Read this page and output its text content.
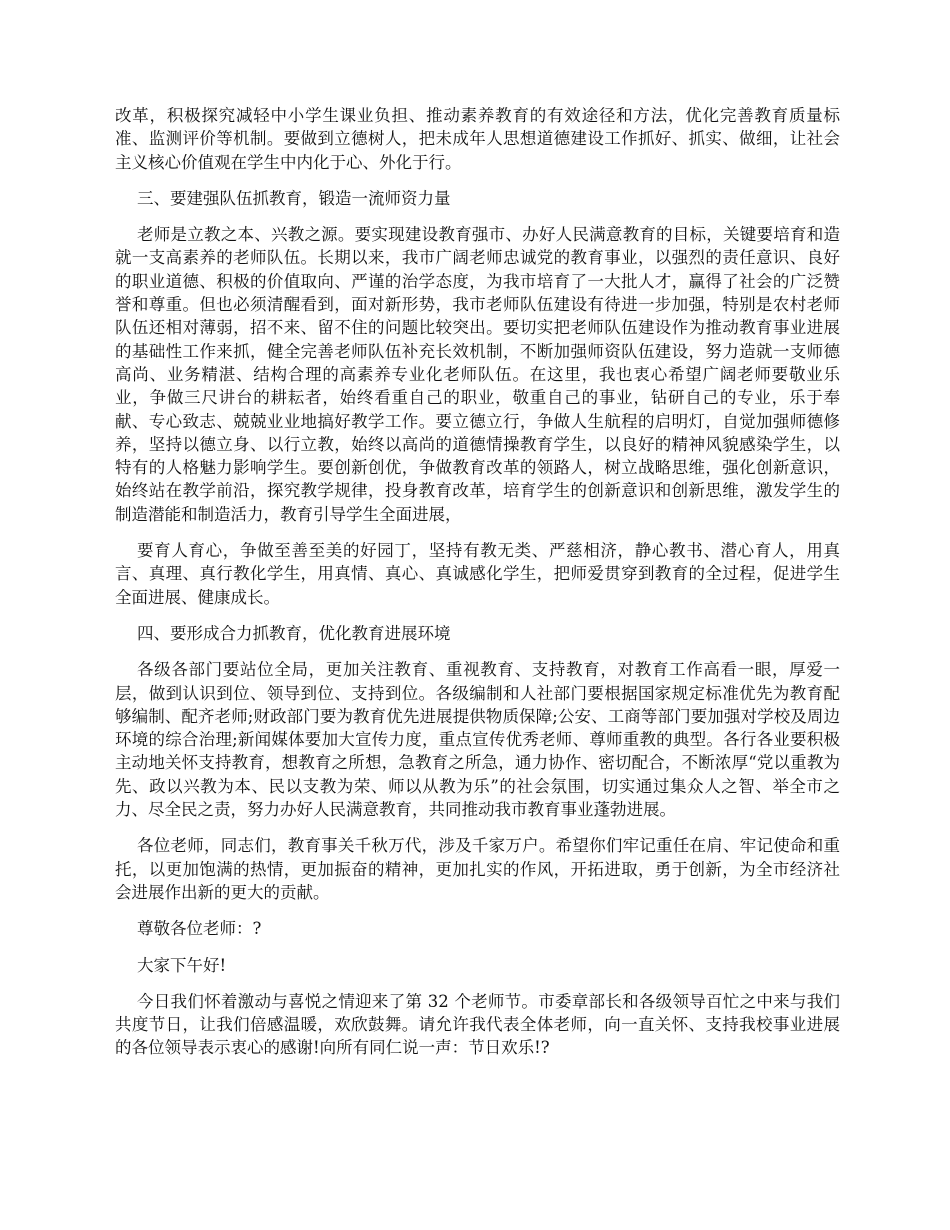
改革，积极探究减轻中小学生课业负担、推动素养教育的有效途径和方法，优化完善教育质量标准、监测评价等机制。要做到立德树人，把未成年人思想道德建设工作抓好、抓实、做细，让社会主义核心价值观在学生中内化于心、外化于行。

三、要建强队伍抓教育，锻造一流师资力量

老师是立教之本、兴教之源。要实现建设教育强市、办好人民满意教育的目标，关键要培育和造就一支高素养的老师队伍。长期以来，我市广阔老师忠诚党的教育事业，以强烈的责任意识、良好的职业道德、积极的价值取向、严谨的治学态度，为我市培育了一大批人才，赢得了社会的广泛赞誉和尊重。但也必须清醒看到，面对新形势，我市老师队伍建设有待进一步加强，特别是农村老师队伍还相对薄弱，招不来、留不住的问题比较突出。要切实把老师队伍建设作为推动教育事业进展的基础性工作来抓，健全完善老师队伍补充长效机制，不断加强师资队伍建设，努力造就一支师德高尚、业务精湛、结构合理的高素养专业化老师队伍。在这里，我也衷心希望广阔老师要敬业乐业，争做三尺讲台的耕耘者，始终看重自己的职业，敬重自己的事业，钻研自己的专业，乐于奉献、专心致志、兢兢业业地搞好教学工作。要立德立行，争做人生航程的启明灯，自觉加强师德修养，坚持以德立身、以行立教，始终以高尚的道德情操教育学生，以良好的精神风貌感染学生，以特有的人格魅力影响学生。要创新创优，争做教育改革的领路人，树立战略思维，强化创新意识，始终站在教学前沿，探究教学规律，投身教育改革，培育学生的创新意识和创新思维，激发学生的制造潜能和制造活力，教育引导学生全面进展，

要育人育心，争做至善至美的好园丁，坚持有教无类、严慈相济，静心教书、潜心育人，用真言、真理、真行教化学生，用真情、真心、真诚感化学生，把师爱贯穿到教育的全过程，促进学生全面进展、健康成长。

四、要形成合力抓教育，优化教育进展环境

各级各部门要站位全局，更加关注教育、重视教育、支持教育，对教育工作高看一眼，厚爱一层，做到认识到位、领导到位、支持到位。各级编制和人社部门要根据国家规定标准优先为教育配够编制、配齐老师;财政部门要为教育优先进展提供物质保障;公安、工商等部门要加强对学校及周边环境的综合治理;新闻媒体要加大宣传力度，重点宣传优秀老师、尊师重教的典型。各行各业要积极主动地关怀支持教育，想教育之所想，急教育之所急，通力协作、密切配合，不断浓厚“党以重教为先、政以兴教为本、民以支教为荣、师以从教为乐”的社会氛围，切实通过集众人之智、举全市之力、尽全民之责，努力办好人民满意教育，共同推动我市教育事业蓬勃进展。

各位老师，同志们，教育事关千秋万代，涉及千家万户。希望你们牢记重任在肩、牢记使命和重托，以更加饱满的热情，更加振奋的精神，更加扎实的作风，开拓进取，勇于创新，为全市经济社会进展作出新的更大的贡献。

尊敬各位老师：?

大家下午好!

今日我们怀着激动与喜悦之情迎来了第 32 个老师节。市委章部长和各级领导百忙之中来与我们共度节日，让我们倍感温暖，欢欣鼓舞。请允许我代表全体老师，向一直关怀、支持我校事业进展的各位领导表示衷心的感谢!向所有同仁说一声：节日欢乐!?
